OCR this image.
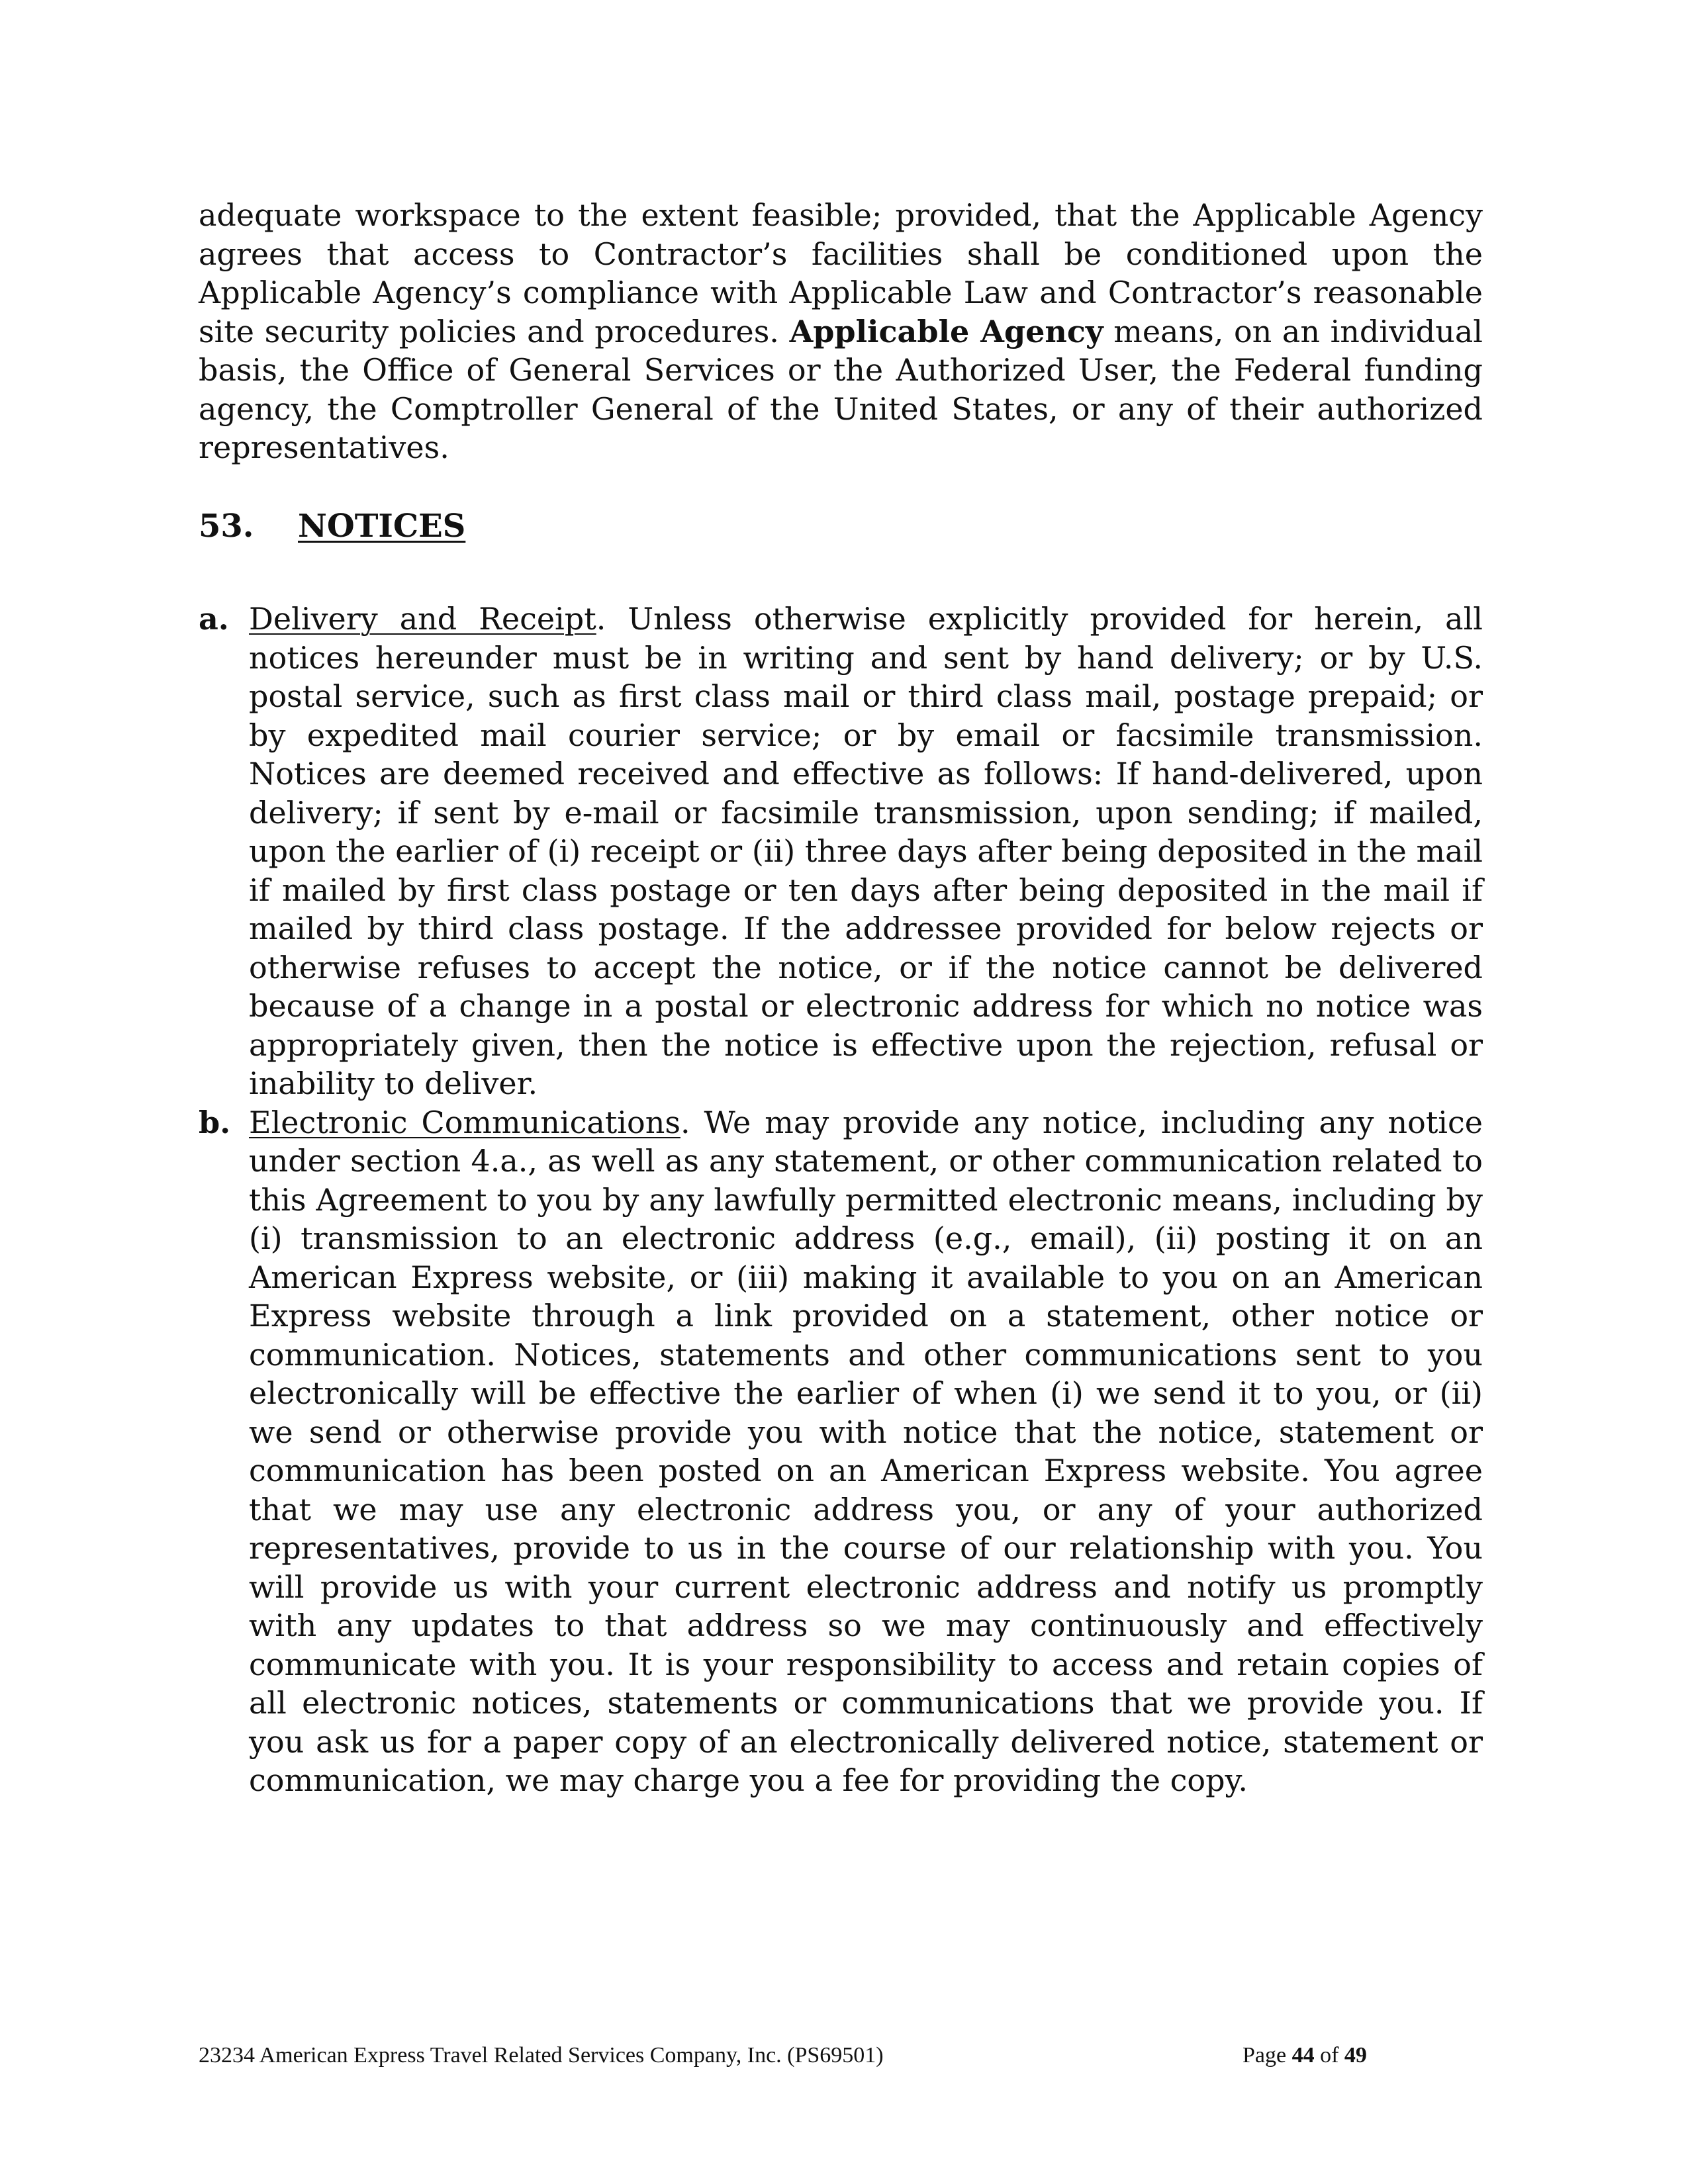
adequate workspace to the extent feasible; provided, that the Applicable Agency agrees that access to Contractor’s facilities shall be conditioned upon the Applicable Agency’s compliance with Applicable Law and Contractor’s reasonable site security policies and procedures. Applicable Agency means, on an individual basis, the Office of General Services or the Authorized User, the Federal funding agency, the Comptroller General of the United States, or any of their authorized representatives.

53. NOTICES
a. Delivery and Receipt. Unless otherwise explicitly provided for herein, all notices hereunder must be in writing and sent by hand delivery; or by U.S. postal service, such as first class mail or third class mail, postage prepaid; or by expedited mail courier service; or by email or facsimile transmission. Notices are deemed received and effective as follows: If hand-delivered, upon delivery; if sent by e-mail or facsimile transmission, upon sending; if mailed, upon the earlier of (i) receipt or (ii) three days after being deposited in the mail if mailed by first class postage or ten days after being deposited in the mail if mailed by third class postage. If the addressee provided for below rejects or otherwise refuses to accept the notice, or if the notice cannot be delivered because of a change in a postal or electronic address for which no notice was appropriately given, then the notice is effective upon the rejection, refusal or inability to deliver.
b. Electronic Communications. We may provide any notice, including any notice under section 4.a., as well as any statement, or other communication related to this Agreement to you by any lawfully permitted electronic means, including by (i) transmission to an electronic address (e.g., email), (ii) posting it on an American Express website, or (iii) making it available to you on an American Express website through a link provided on a statement, other notice or communication. Notices, statements and other communications sent to you electronically will be effective the earlier of when (i) we send it to you, or (ii) we send or otherwise provide you with notice that the notice, statement or communication has been posted on an American Express website. You agree that we may use any electronic address you, or any of your authorized representatives, provide to us in the course of our relationship with you. You will provide us with your current electronic address and notify us promptly with any updates to that address so we may continuously and effectively communicate with you. It is your responsibility to access and retain copies of all electronic notices, statements or communications that we provide you. If you ask us for a paper copy of an electronically delivered notice, statement or communication, we may charge you a fee for providing the copy.
23234 American Express Travel Related Services Company, Inc. (PS69501)	Page 44 of 49
